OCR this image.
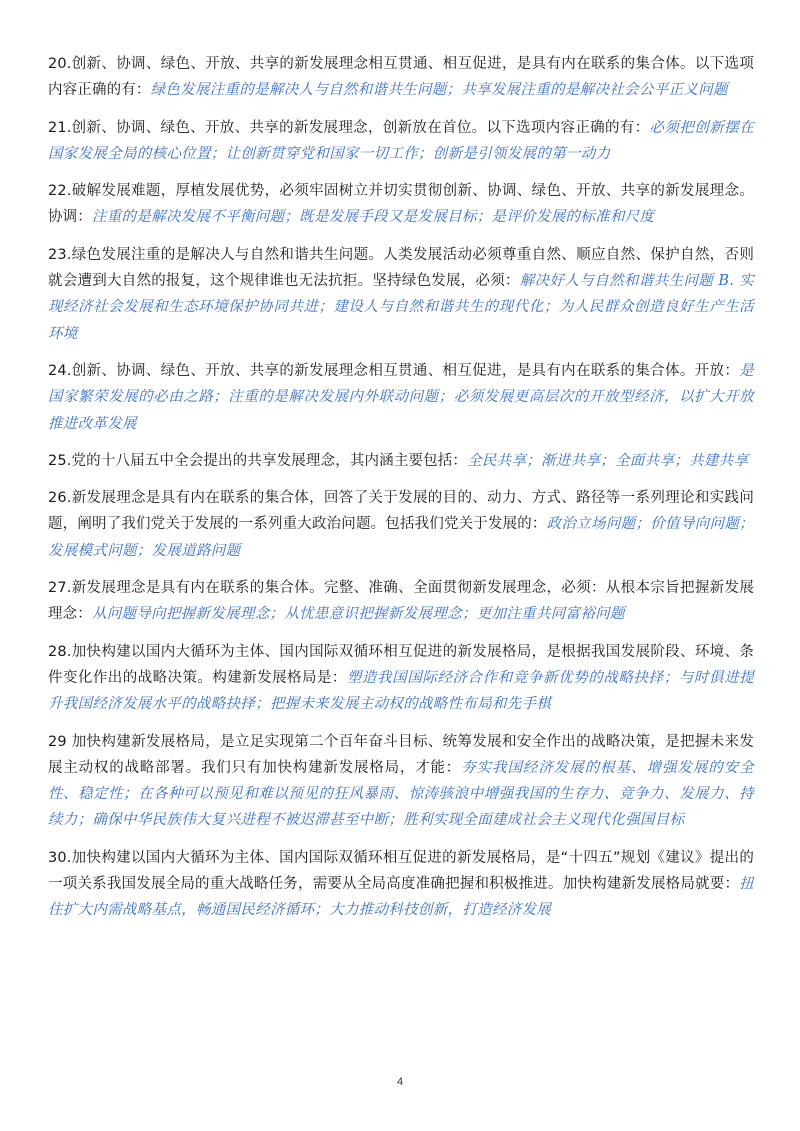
20.创新、协调、绿色、开放、共享的新发展理念相互贯通、相互促进，是具有内在联系的集合体。以下选项内容正确的有：绿色发展注重的是解决人与自然和谐共生问题；共享发展注重的是解决社会公平正义问题

21.创新、协调、绿色、开放、共享的新发展理念，创新放在首位。以下选项内容正确的有：必须把创新摆在国家发展全局的核心位置；让创新贯穿党和国家一切工作；创新是引领发展的第一动力

22.破解发展难题，厚植发展优势，必须牢固树立并切实贯彻创新、协调、绿色、开放、共享的新发展理念。协调：注重的是解决发展不平衡问题；既是发展手段又是发展目标；是评价发展的标准和尺度

23.绿色发展注重的是解决人与自然和谐共生问题。人类发展活动必须尊重自然、顺应自然、保护自然，否则就会遭到大自然的报复，这个规律谁也无法抗拒。坚持绿色发展，必须：解决好人与自然和谐共生问题 B. 实现经济社会发展和生态环境保护协同共进；建设人与自然和谐共生的现代化；为人民群众创造良好生产生活环境

24.创新、协调、绿色、开放、共享的新发展理念相互贯通、相互促进，是具有内在联系的集合体。开放：是国家繁荣发展的必由之路；注重的是解决发展内外联动问题；必须发展更高层次的开放型经济，以扩大开放推进改革发展

25.党的十八届五中全会提出的共享发展理念，其内涵主要包括：全民共享；渐进共享；全面共享；共建共享

26.新发展理念是具有内在联系的集合体，回答了关于发展的目的、动力、方式、路径等一系列理论和实践问题，阐明了我们党关于发展的一系列重大政治问题。包括我们党关于发展的：政治立场问题；价值导向问题；发展模式问题；发展道路问题

27.新发展理念是具有内在联系的集合体。完整、准确、全面贯彻新发展理念，必须：从根本宗旨把握新发展理念：从问题导向把握新发展理念；从忧患意识把握新发展理念；更加注重共同富裕问题

28.加快构建以国内大循环为主体、国内国际双循环相互促进的新发展格局，是根据我国发展阶段、环境、条件变化作出的战略决策。构建新发展格局是：塑造我国国际经济合作和竞争新优势的战略抉择；与时俱进提升我国经济发展水平的战略抉择；把握未来发展主动权的战略性布局和先手棋

29 加快构建新发展格局，是立足实现第二个百年奋斗目标、统筹发展和安全作出的战略决策，是把握未来发展主动权的战略部署。我们只有加快构建新发展格局，才能：夯实我国经济发展的根基、增强发展的安全性、稳定性；在各种可以预见和难以预见的狂风暴雨、惊涛骇浪中增强我国的生存力、竞争力、发展力、持续力；确保中华民族伟大复兴进程不被迟滞甚至中断；胜利实现全面建成社会主义现代化强国目标

30.加快构建以国内大循环为主体、国内国际双循环相互促进的新发展格局，是“十四五”规划《建议》提出的一项关系我国发展全局的重大战略任务，需要从全局高度准确把握和积极推进。加快构建新发展格局就要：扭住扩大内需战略基点，畅通国民经济循环；大力推动科技创新，打造经济发展

4
